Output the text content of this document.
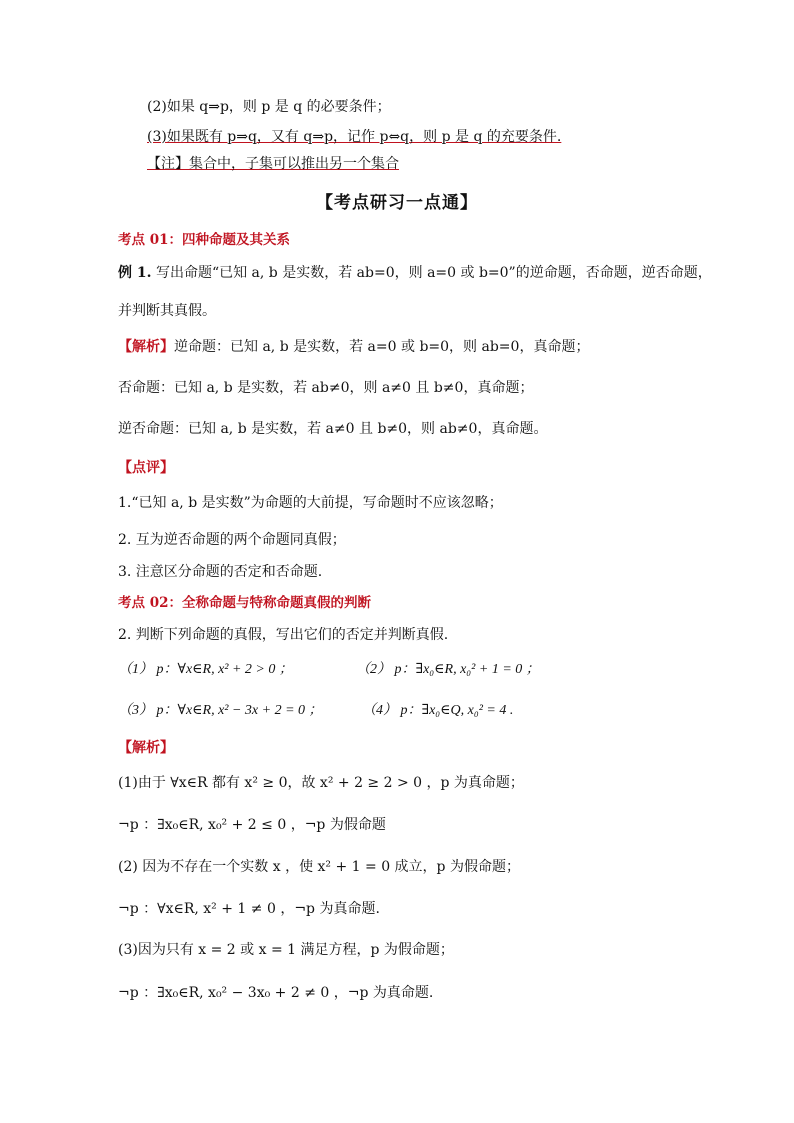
(2)如果 q⇒p，则 p 是 q 的必要条件；
(3)如果既有 p⇒q，又有 q⇒p，记作 p⇔q，则 p 是 q 的充要条件.
【注】集合中，子集可以推出另一个集合
【考点研习一点通】
考点 01：四种命题及其关系
例 1. 写出命题“已知 a, b 是实数，若 ab=0，则 a=0 或 b=0”的逆命题，否命题，逆否命题，
并判断其真假。
【解析】逆命题：已知 a, b 是实数，若 a=0 或 b=0，则 ab=0，真命题；
否命题：已知 a, b 是实数，若 ab≠0，则 a≠0 且 b≠0，真命题；
逆否命题：已知 a, b 是实数，若 a≠0 且 b≠0，则 ab≠0，真命题。
【点评】
1.“已知 a, b 是实数”为命题的大前提，写命题时不应该忽略；
2. 互为逆否命题的两个命题同真假；
3. 注意区分命题的否定和否命题.
考点 02：全称命题与特称命题真假的判断
2. 判断下列命题的真假，写出它们的否定并判断真假.
（1） p：∀x∈R, x² + 2 > 0 ；	（2） p：∃x₀∈R, x₀² + 1 = 0 ；
（3） p：∀x∈R, x² − 3x + 2 = 0 ；	（4） p：∃x₀∈Q, x₀² = 4 .
【解析】
(1)由于 ∀x∈R 都有 x² ≥ 0，故 x² + 2 ≥ 2 > 0 ，p 为真命题；
¬p ：∃x₀∈R, x₀² + 2 ≤ 0 ，¬p 为假命题
(2) 因为不存在一个实数 x ，使 x² + 1 = 0 成立，p 为假命题；
¬p ：∀x∈R, x² + 1 ≠ 0 ，¬p 为真命题.
(3)因为只有 x = 2 或 x = 1 满足方程，p 为假命题；
¬p ：∃x₀∈R, x₀² − 3x₀ + 2 ≠ 0 ，¬p 为真命题.
